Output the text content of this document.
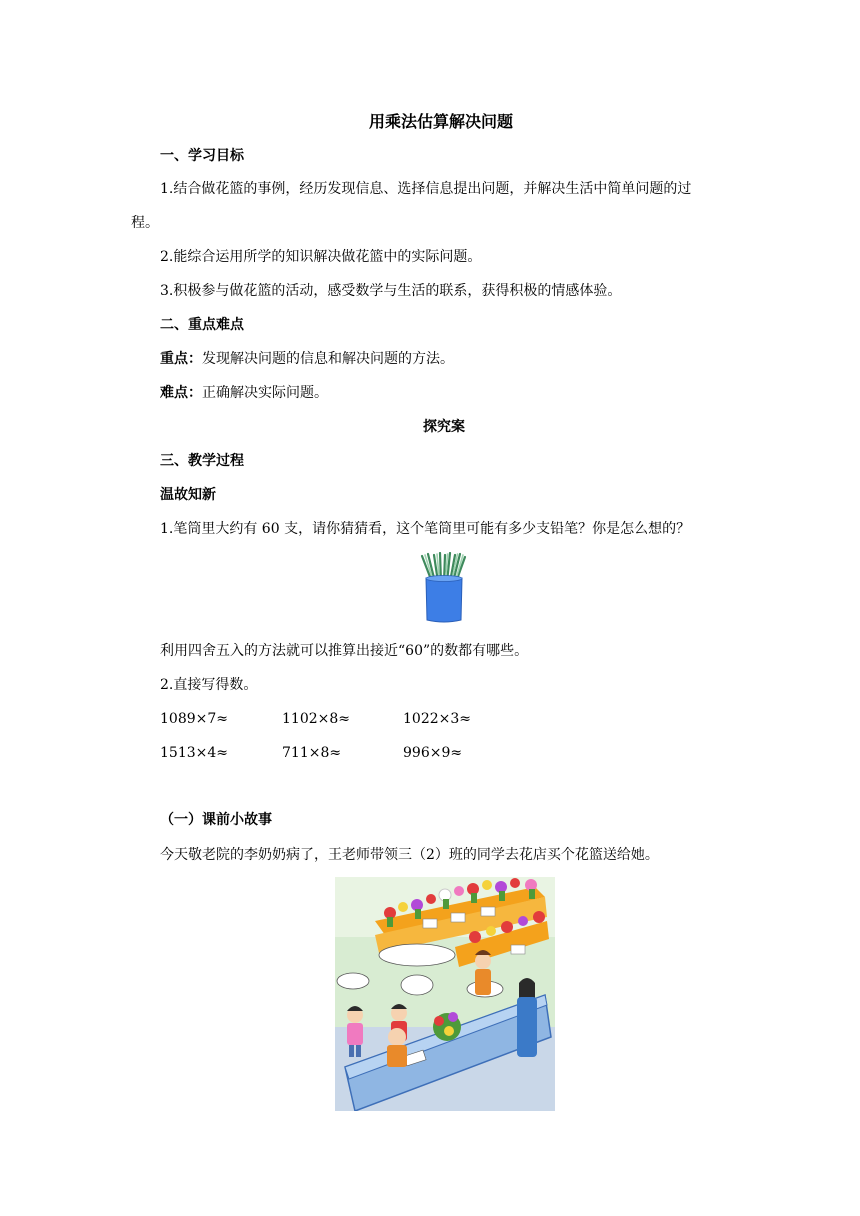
用乘法估算解决问题
一、学习目标
1.结合做花篮的事例，经历发现信息、选择信息提出问题，并解决生活中简单问题的过
程。
2.能综合运用所学的知识解决做花篮中的实际问题。
3.积极参与做花篮的活动，感受数学与生活的联系，获得积极的情感体验。
二、重点难点
重点：发现解决问题的信息和解决问题的方法。
难点：正确解决实际问题。
探究案
三、教学过程
温故知新
1.笔筒里大约有 60 支，请你猜猜看，这个笔筒里可能有多少支铅笔？你是怎么想的？
利用四舍五入的方法就可以推算出接近“60”的数都有哪些。
2.直接写得数。
1089×7≈	1102×8≈	1022×3≈
1513×4≈	711×8≈	996×9≈
（一）课前小故事
今天敬老院的李奶奶病了，王老师带领三（2）班的同学去花店买个花篮送给她。
